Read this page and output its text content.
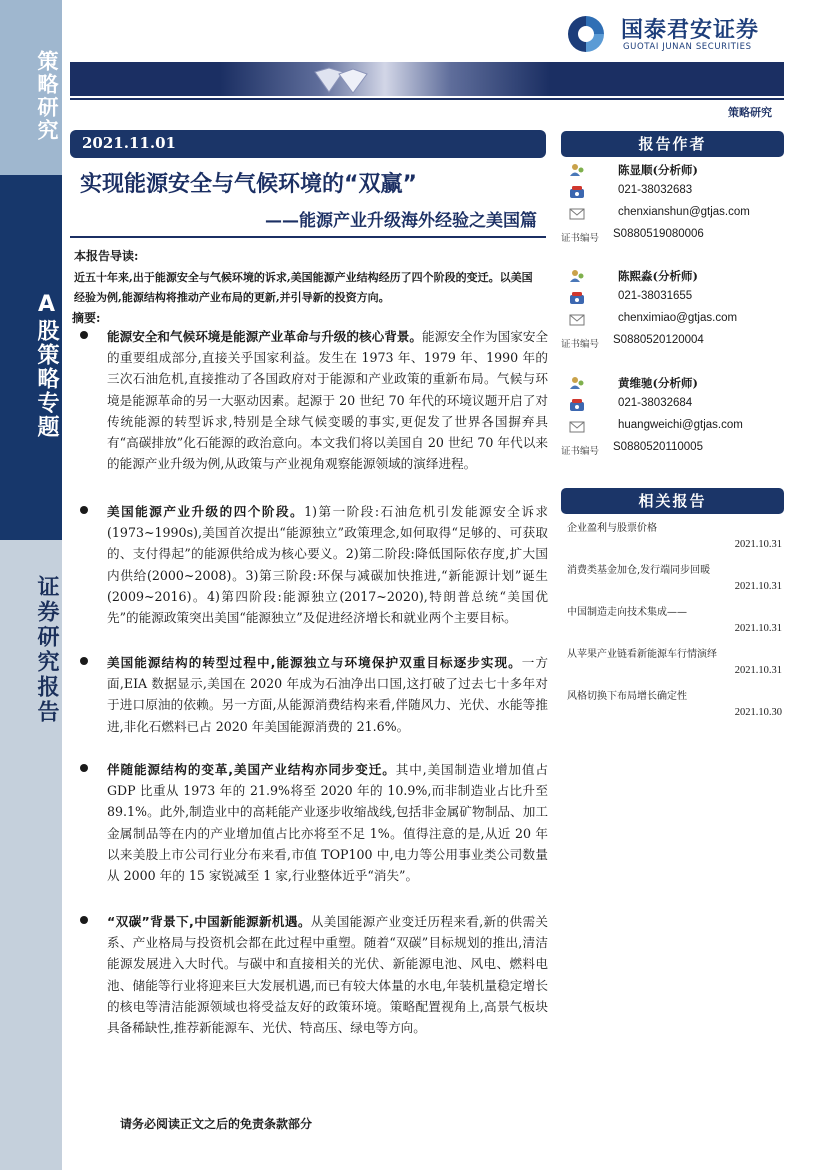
策略研究
A股策略专题
证券研究报告
国泰君安证券
GUOTAI JUNAN SECURITIES
策略研究
2021.11.01
实现能源安全与气候环境的“双赢”
——能源产业升级海外经验之美国篇
本报告导读:
近五十年来,出于能源安全与气候环境的诉求,美国能源产业结构经历了四个阶段的变迁。以美国经验为例,能源结构将推动产业布局的更新,并引导新的投资方向。
摘要:
能源安全和气候环境是能源产业革命与升级的核心背景。能源安全作为国家安全的重要组成部分,直接关乎国家利益。发生在 1973 年、1979 年、1990 年的三次石油危机,直接推动了各国政府对于能源和产业政策的重新布局。气候与环境是能源革命的另一大驱动因素。起源于 20 世纪 70 年代的环境议题开启了对传统能源的转型诉求,特别是全球气候变暖的事实,更促发了世界各国摒弃具有“高碳排放”化石能源的政治意向。本文我们将以美国自 20 世纪 70 年代以来的能源产业升级为例,从政策与产业视角观察能源领域的演绎进程。
美国能源产业升级的四个阶段。1)第一阶段:石油危机引发能源安全诉求(1973~1990s),美国首次提出“能源独立”政策理念,如何取得“足够的、可获取的、支付得起”的能源供给成为核心要义。2)第二阶段:降低国际依存度,扩大国内供给(2000~2008)。3)第三阶段:环保与减碳加快推进,“新能源计划”诞生(2009~2016)。4)第四阶段:能源独立(2017~2020),特朗普总统“美国优先”的能源政策突出美国“能源独立”及促进经济增长和就业两个主要目标。
美国能源结构的转型过程中,能源独立与环境保护双重目标逐步实现。一方面,EIA 数据显示,美国在 2020 年成为石油净出口国,这打破了过去七十多年对于进口原油的依赖。另一方面,从能源消费结构来看,伴随风力、光伏、水能等推进,非化石燃料已占 2020 年美国能源消费的 21.6%。
伴随能源结构的变革,美国产业结构亦同步变迁。其中,美国制造业增加值占 GDP 比重从 1973 年的 21.9%将至 2020 年的 10.9%,而非制造业占比升至 89.1%。此外,制造业中的高耗能产业逐步收缩战线,包括非金属矿物制品、加工金属制品等在内的产业增加值占比亦将至不足 1%。值得注意的是,从近 20 年以来美股上市公司行业分布来看,市值 TOP100 中,电力等公用事业类公司数量从 2000 年的 15 家锐减至 1 家,行业整体近乎“消失”。
“双碳”背景下,中国新能源新机遇。从美国能源产业变迁历程来看,新的供需关系、产业格局与投资机会都在此过程中重塑。随着“双碳”目标规划的推出,清洁能源发展进入大时代。与碳中和直接相关的光伏、新能源电池、风电、燃料电池、储能等行业将迎来巨大发展机遇,而已有较大体量的水电,年装机量稳定增长的核电等清洁能源领域也将受益友好的政策环境。策略配置视角上,高景气板块具备稀缺性,推荐新能源车、光伏、特高压、绿电等方向。
请务必阅读正文之后的免责条款部分
报告作者
陈显顺(分析师)
021-38032683
chenxianshun@gtjas.com
证书编号 S0880519080006
陈熙淼(分析师)
021-38031655
chenximiao@gtjas.com
证书编号 S0880520120004
黄维驰(分析师)
021-38032684
huangweichi@gtjas.com
证书编号 S0880520110005
相关报告
企业盈利与股票价格
2021.10.31
消费类基金加仓,发行端同步回暖
2021.10.31
中国制造走向技术集成——
2021.10.31
从苹果产业链看新能源车行情演绎
2021.10.31
风格切换下布局增长确定性
2021.10.30
